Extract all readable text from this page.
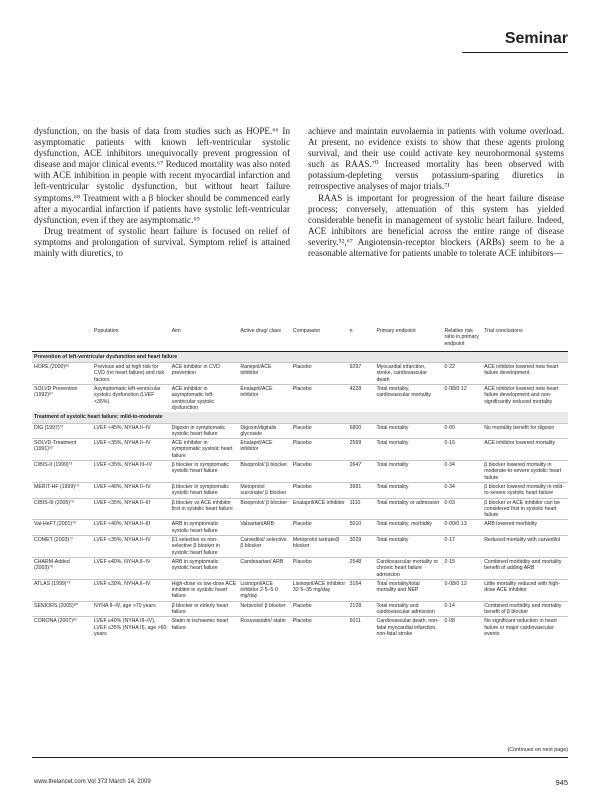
Seminar

dysfunction, on the basis of data from studies such as HOPE.⁶⁶ In asymptomatic patients with known left-ventricular systolic dysfunction, ACE inhibitors unequivocally prevent progression of disease and major clinical events.⁶⁷ Reduced mortality was also noted with ACE inhibition in people with recent myocardial infarction and left-ventricular systolic dysfunction, but without heart failure symptoms.⁶⁸ Treatment with a β blocker should be commenced early after a myocardial infarction if patients have systolic left-ventricular dysfunction, even if they are asymptomatic.⁶⁹

Drug treatment of systolic heart failure is focused on relief of symptoms and prolongation of survival. Symptom relief is attained mainly with diuretics, to

achieve and maintain euvolaemia in patients with volume overload. At present, no evidence exists to show that these agents prolong survival, and their use could activate key neurohormonal systems such as RAAS.⁷⁰ Increased mortality has been observed with potassium-depleting versus potassium-sparing diuretics in retrospective analyses of major trials.⁷¹

RAAS is important for progression of the heart failure disease process; conversely, attenuation of this system has yielded considerable benefit in management of systolic heart failure. Indeed, ACE inhibitors are beneficial across the entire range of disease severity.⁵²,⁶⁷ Angiotensin-receptor blockers (ARBs) seem to be a reasonable alternative for patients unable to tolerate ACE inhibitors—

	Population	Aim	Active drug/ class	Comparator	n	Primary endpoint	Relative risk ratio in primary endpoint	Trial conclusions
Prevention of left-ventricular dysfunction and heart failure								
HOPE (2000)⁶⁶	Previous and at high risk for CVD (no heart failure) and risk factors	ACE inhibitor in CVD prevention	Ramipril/ACE inhibitor	Placebo	9297	Myocardial infarction, stroke, cardiovascular death	0·22	ACE inhibitor lowered new heart failure development
SOLVD Prevention (1992)⁶⁷	Asymptomatic left-ventricular systolic dysfunction (LVEF <35%)	ACE inhibitor in asymptomatic left-ventricular systolic dysfunction	Enalapril/ACE inhibitor	Placebo	4228	Total mortality, cardiovascular mortality	0·08/0·12	ACE inhibitor lowered new heart failure development and non-significantly reduced mortality
Treatment of systolic heart failure: mild-to-moderate								
DIG (1997)⁷²	LVEF <45%, NYHA II–IV	Digoxin in symptomatic systolic heart failure	Digoxin/digitalis glycoside	Placebo	6800	Total mortality	0·00	No mortality benefit for digoxin
SOLVD-Treatment (1991)⁵²	LVEF <35%, NYHA II–IV	ACE inhibitor in symptomatic systolic heart failure	Enalapril/ACE inhibitor	Placebo	2569	Total mortality	0·16	ACE inhibitor lowered mortality
CIBIS-II (1999)⁷³	LVEF <35%, NYHA III–IV	β blocker in symptomatic systolic heart failure	Bisoprolol/ β blocker	Placebo	2647	Total mortality	0·34	β blocker lowered mortality in moderate-to-severe systolic heart failure
MERIT-HF (1999)⁷⁴	LVEF <40%, NYHA II–IV	β blocker in symptomatic systolic heart failure	Metoprolol succinate/ β blocker	Placebo	3991	Total mortality	0·34	β blocker lowered mortality in mild-to-severe systolic heart failure
CIBIS-III (2005)⁷⁵	LVEF <35%, NYHA II–III	β blocker vs ACE inhibitor first in systolic heart failure	Bisoprolol/ β blocker	Enalapril/ACE inhibitor	1110	Total mortality or admission	0·03	β blocker or ACE inhibitor can be considered first in systolic heart failure
Val-HeFT (2001)⁷⁶	LVEF <40%, NYHA II–III	ARB in symptomatic systolic heart failure	Valsartan/ARB	Placebo	5010	Total mortality, morbidity	0·00/0·13	ARB lowered morbidity
COMET (2003)⁷⁷	LVEF <35%, NYHA II–IV	β1 selective vs non-selective β blocker in systolic heart failure	Carvedilol/ selective β blocker	Metoprolol tartrate/β blocker	3029	Total mortality	0·17	Reduced mortality with carvedilol
CHARM-Added (2003)⁷⁸	LVEF ≤40%, NYHA II–IV	ARB in symptomatic systolic heart failure	Candesartan/ ARB	Placebo	2548	Cardiovascular mortality or chronic heart failure admission	0·15	Combined morbidity and mortality benefit of adding ARB
ATLAS (1999)⁷⁹	LVEF ≤30%, NYHA II–IV	High-dose vs low-dose ACE inhibitor in systolic heart failure	Lisinopril/ACE inhibitor 2·5–5·0 mg/day	Lisinopril/ACE inhibitor 32·5–35 mg/day	3164	Total mortality/total mortality and NEP	0·08/0·12	Little mortality reduced with high-dose ACE inhibitor
SENIORS (2005)⁸⁰	NYHA II–IV, age >70 years	β blocker in elderly heart failure	Nebivolol/ β blocker	Placebo	2128	Total mortality and cardiovascular admission	0·14	Combined morbidity and mortality benefit of β blocker
CORONA (2007)⁸¹	LVEF ≤40% (NYHA III–IV), LVEF ≤35% (NYHA II), age >60 years	Statin in ischaemic heart failure	Rosuvastatin/ statin	Placebo	5011	Cardiovascular death, non-fatal myocardial infarction, non-fatal stroke	0·08	No significant reduction in heart failure or major cardiovascular events
(Continues on next page)
www.thelancet.com Vol 373 March 14, 2009	945
